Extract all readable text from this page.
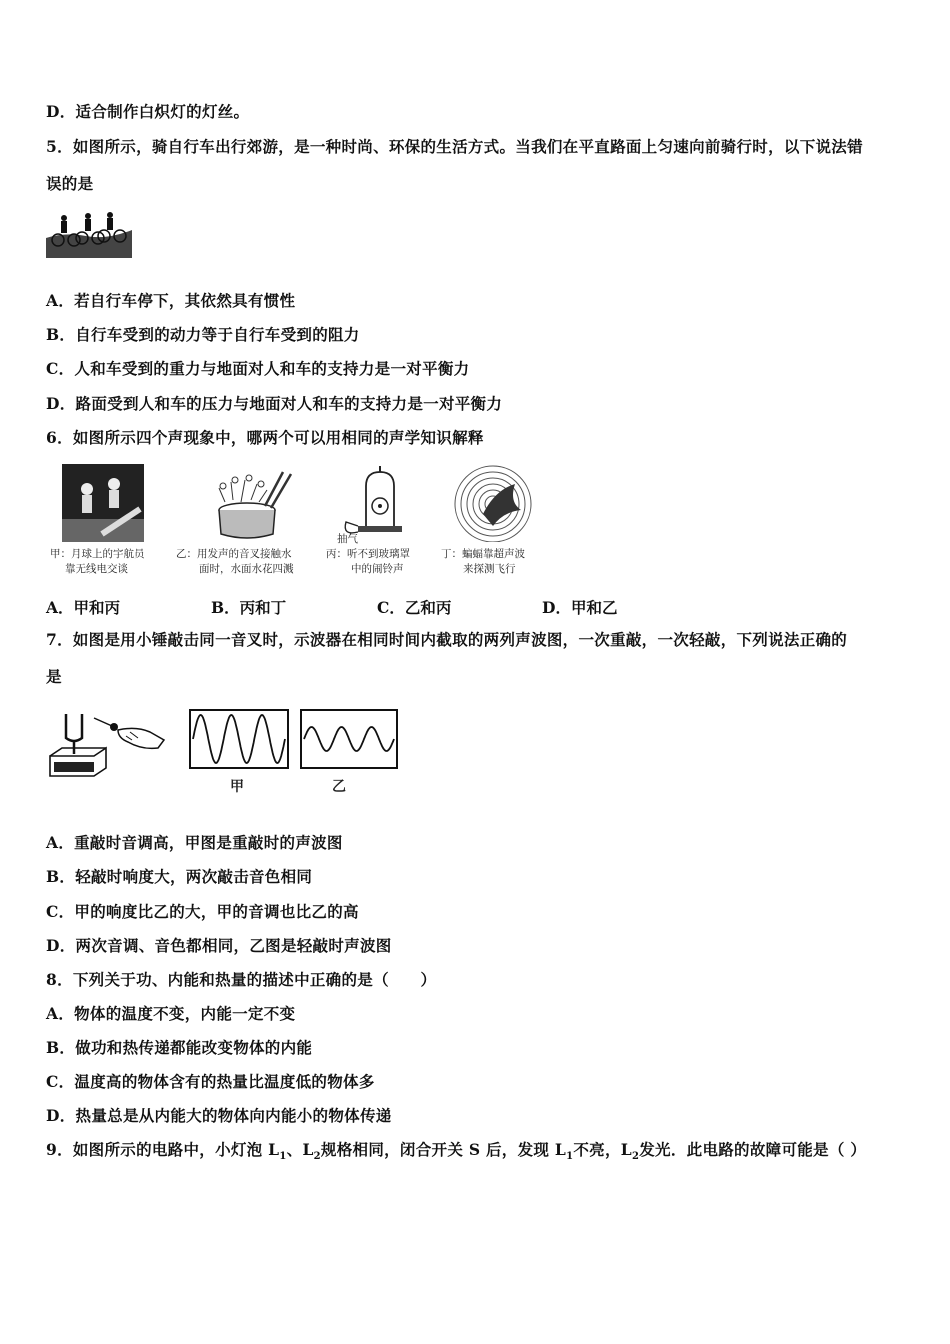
D．适合制作白炽灯的灯丝。
5．如图所示，骑自行车出行郊游，是一种时尚、环保的生活方式。当我们在平直路面上匀速向前骑行时，以下说法错
误的是
A．若自行车停下，其依然具有惯性
B．自行车受到的动力等于自行车受到的阻力
C．人和车受到的重力与地面对人和车的支持力是一对平衡力
D．路面受到人和车的压力与地面对人和车的支持力是一对平衡力
6．如图所示四个声现象中，哪两个可以用相同的声学知识解释
甲：月球上的宇航员
靠无线电交谈
乙：用发声的音叉接触水
面时，水面水花四溅
抽气
丙：听不到玻璃罩
中的闹铃声
丁：蝙蝠靠超声波
来探测飞行
A．甲和丙	B．丙和丁	C．乙和丙	D．甲和乙
7．如图是用小锤敲击同一音叉时，示波器在相同时间内截取的两列声波图，一次重敲，一次轻敲，下列说法正确的
是
甲	乙
A．重敲时音调高，甲图是重敲时的声波图
B．轻敲时响度大，两次敲击音色相同
C．甲的响度比乙的大，甲的音调也比乙的高
D．两次音调、音色都相同，乙图是轻敲时声波图
8．下列关于功、内能和热量的描述中正确的是（　　）
A．物体的温度不变，内能一定不变
B．做功和热传递都能改变物体的内能
C．温度高的物体含有的热量比温度低的物体多
D．热量总是从内能大的物体向内能小的物体传递
9．如图所示的电路中，小灯泡 $L_1$、$L_2$规格相同，闭合开关 S 后，发现 $L_1$不亮，$L_2$发光．此电路的故障可能是（ ）
